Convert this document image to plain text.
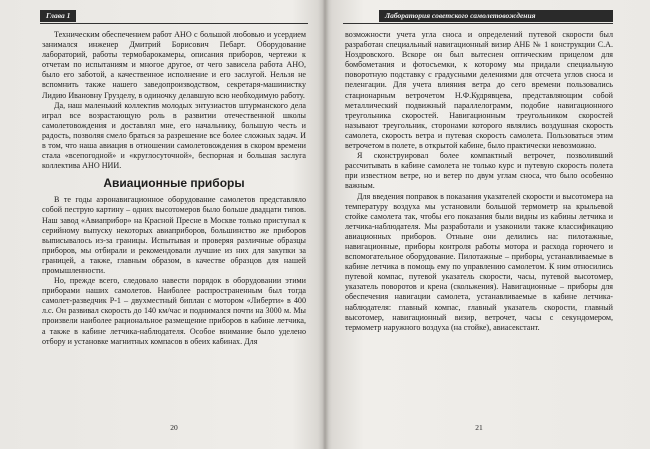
Глава 1

Техническим обеспечением работ АНО с большой любовью и усердием занимался инженер Дмитрий Борисович Пебарт. Оборудование лабораторий, работы термобарокамеры, описания приборов, чертежи к отчетам по испытаниям и многое другое, от чего зависела работа АНО, было его заботой, а качественное исполнение и его заслугой. Нельзя не вспомнить также нашего заведопроизводством, секретаря-машинистку Лидию Ивановну Грузделу, в одиночку делавшую всю необходимую работу.

Да, наш маленький коллектив молодых энтузиастов штурманского дела играл все возрастающую роль в развитии отечественной школы самолетовождения и доставлял мне, его начальнику, большую честь и радость, позволяя смело браться за разрешение все более сложных задач. И в том, что наша авиация в отношении самолетовождения в скором времени стала «всепогодной» и «круглосуточной», беспорная и большая заслуга коллектива АНО НИИ.

Авиационные приборы

В те годы аэронавигационное оборудование самолетов представляло собой пеструю картину – одних высотомеров было больше двадцати типов. Наш завод «Авиаприбор» на Красной Пресне в Москве только приступал к серийному выпуску некоторых авиаприборов, большинство же приборов выписывалось из-за границы. Испытывая и проверяя различные образцы приборов, мы отбирали и рекомендовали лучшие из них для закупки за границей, а также, главным образом, в качестве образцов для нашей промышленности.

Но, прежде всего, следовало навести порядок в оборудовании этими приборами наших самолетов. Наиболее распространенным был тогда самолет-разведчик Р-1 – двухместный биплан с мотором «Либерти» в 400 л.с. Он развивал скорость до 140 км/час и поднимался почти на 3000 м. Мы произвели наиболее рациональное размещение приборов в кабине летчика, а также в кабине летчика-наблюдателя. Особое внимание было уделено отбору и установке магнитных компасов в обеих кабинах. Для

20
Лаборатория советского самолетовождения

возможности учета угла сноса и определений путевой скорости был разработан специальный навигационный визир АНБ № 1 конструкции С.А. Ноздровского. Вскоре он был вытеснен оптическим прицелом для бомбометания и фотосъемки, к которому мы придали специальную поворотную подставку с градусными делениями для отсчета углов сноса и пеленгации. Для учета влияния ветра до сего времени пользовались стационарным ветрочетом Н.Ф.Кудрявцева, представляющим собой металлический подвижный параллелограмм, подобие навигационного треугольника скоростей. Навигационным треугольником скоростей называют треугольник, сторонами которого являлись воздушная скорость самолета, скорость ветра и путевая скорость самолета. Пользоваться этим ветрочетом в полете, в открытой кабине, было практически невозможно.

Я сконструировал более компактный ветрочет, позволивший рассчитывать в кабине самолета не только курс и путевую скорость полета при известном ветре, но и ветер по двум углам сноса, что было особенно важным.

Для введения поправок в показания указателей скорости и высотомера на температуру воздуха мы установили большой термометр на крыльевой стойке самолета так, чтобы его показания были видны из кабины летчика и летчика-наблюдателя. Мы разработали и узаконили также классификацию авиационных приборов. Отныне они делились на: пилотажные, навигационные, приборы контроля работы мотора и расхода горючего и вспомогательное оборудование. Пилотажные – приборы, устанавливаемые в кабине летчика в помощь ему по управлению самолетом. К ним относились путевой компас, путевой указатель скорости, часы, путевой высотомер, указатель поворотов и крена (скольжения). Навигационные – приборы для обеспечения навигации самолета, устанавливаемые в кабине летчика-наблюдателя: главный компас, главный указатель скорости, главный высотомер, навигационный визир, ветрочет, часы с секундомером, термометр наружного воздуха (на стойке), авиасекстант.

21
